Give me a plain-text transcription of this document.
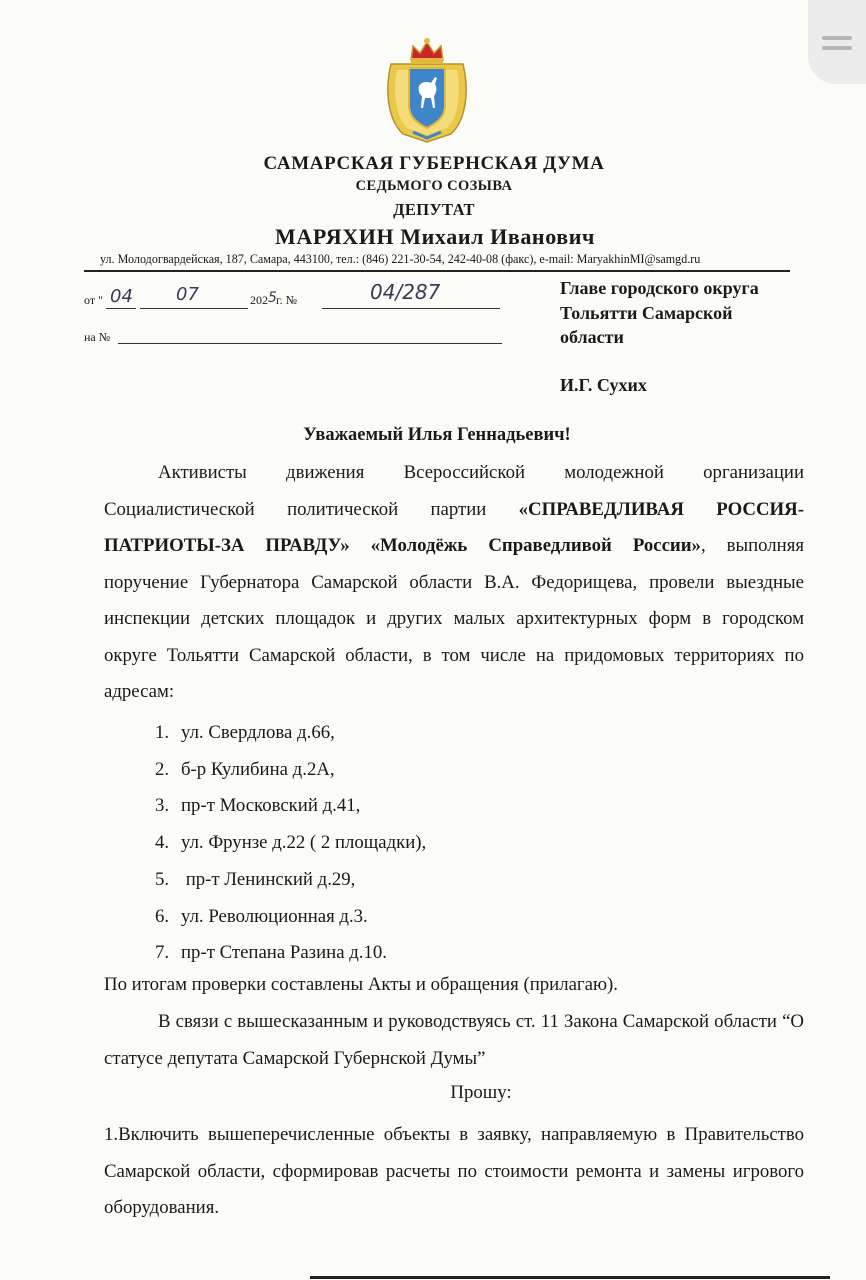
САМАРСКАЯ ГУБЕРНСКАЯ ДУМА
СЕДЬМОГО СОЗЫВА
ДЕПУТАТ
МАРЯХИН Михаил Иванович
ул. Молодогвардейская, 187, Самара, 443100, тел.: (846) 221-30-54, 242-40-08 (факс), e-mail: MaryakhinMI@samgd.ru
от " 04 07	202 5 г. №	04/287
на №
Главе городского округа
Тольятти Самарской
области
И.Г. Сухих
Уважаемый Илья Геннадьевич!
Активисты движения Всероссийской молодежной организации Социалистической политической партии «СПРАВЕДЛИВАЯ РОССИЯ-ПАТРИОТЫ-ЗА ПРАВДУ» «Молодёжь Справедливой России», выполняя поручение Губернатора Самарской области В.А. Федорищева, провели выездные инспекции детских площадок и других малых архитектурных форм в городском округе Тольятти Самарской области, в том числе на придомовых территориях по адресам:
1. ул. Свердлова д.66,
2. б-р Кулибина д.2А,
3. пр-т Московский д.41,
4. ул. Фрунзе д.22 ( 2 площадки),
5. пр-т Ленинский д.29,
6. ул. Революционная д.3.
7. пр-т Степана Разина д.10.
По итогам проверки составлены Акты и обращения (прилагаю).
В связи с вышесказанным и руководствуясь ст. 11 Закона Самарской области “О статусе депутата Самарской Губернской Думы”
Прошу:
1.Включить вышеперечисленные объекты в заявку, направляемую в Правительство Самарской области, сформировав расчеты по стоимости ремонта и замены игрового оборудования.
